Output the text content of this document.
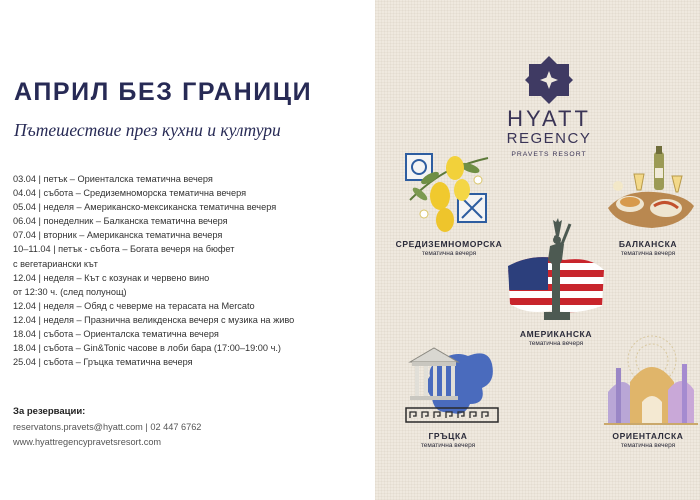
АПРИЛ БЕЗ ГРАНИЦИ
Пътешествие през кухни и култури
03.04 | петък – Ориенталска тематична вечеря
04.04 | събота – Средиземноморска тематична вечеря
05.04 | неделя – Американско-мексиканска тематична вечеря
06.04 | понеделник – Балканска тематична вечеря
07.04 | вторник – Американска тематична вечеря
10–11.04 | петък - събота – Богата вечеря на бюфет
с вегетариански кът
12.04 | неделя – Кът с козунак и червено вино
от 12:30 ч. (след полунощ)
12.04 | неделя – Обяд с чеверме на терасата на Mercato
12.04 | неделя – Празнична великденска вечеря с музика на живо
18.04 | събота – Ориенталска тематична вечеря
18.04 | събота – Gin&Tonic часове в лоби бара (17:00–19:00 ч.)
25.04 | събота – Гръцка тематична вечеря
За резервации:
reservatons.pravets@hyatt.com | 02 447 6762
www.hyattregencypravetsresort.com
HYATT
REGENCY
PRAVETS RESORT
СРЕДИЗЕМНОМОРСКА
тематична вечеря
БАЛКАНСКА
тематична вечеря
АМЕРИКАНСКА
тематична вечеря
ГРЪЦКА
тематична вечеря
ОРИЕНТАЛСКА
тематична вечеря
